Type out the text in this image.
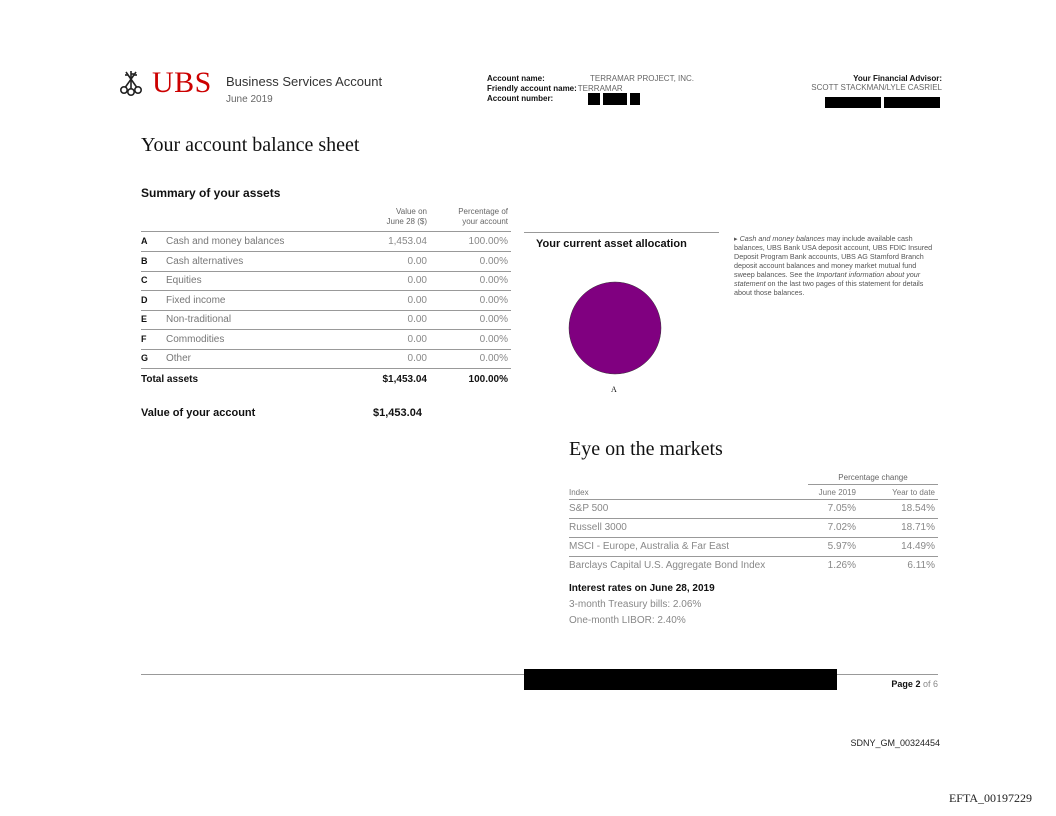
UBS Business Services Account
June 2019
Account name:	TERRAMAR PROJECT, INC.
Friendly account name:TERRAMAR
Account number:
Your Financial Advisor:
SCOTT STACKMAN/LYLE CASRIEL
Your account balance sheet
Summary of your assets
Value on
June 28 ($)
Percentage of
your account
A Cash and money balances	1,453.04	100.00%
B Cash alternatives	0.00	0.00%
C Equities	0.00	0.00%
D Fixed income	0.00	0.00%
E Non-traditional	0.00	0.00%
F Commodities	0.00	0.00%
G Other	0.00	0.00%
Total assets	$1,453.04	100.00%
Value of your account	$1,453.04
Your current asset allocation
A
▸ Cash and money balances may include available cash balances, UBS Bank USA deposit account, UBS FDIC Insured Deposit Program Bank accounts, UBS AG Stamford Branch deposit account balances and money market mutual fund sweep balances. See the Important information about your statement on the last two pages of this statement for details about those balances.
Eye on the markets
Percentage change
Index	June 2019	Year to date
S&P 500	7.05%	18.54%
Russell 3000	7.02%	18.71%
MSCI - Europe, Australia & Far East	5.97%	14.49%
Barclays Capital U.S. Aggregate Bond Index	1.26%	6.11%
Interest rates on June 28, 2019
3-month Treasury bills: 2.06%
One-month LIBOR: 2.40%
Page 2 of 6
SDNY_GM_00324454
EFTA_00197229
